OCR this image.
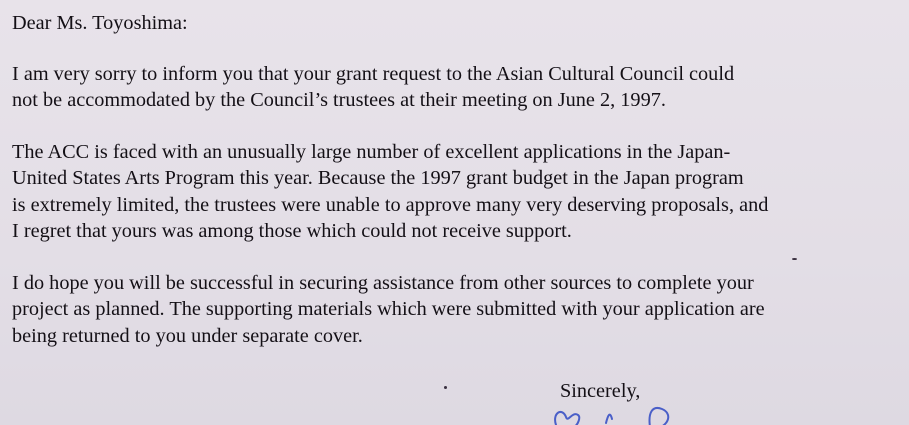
Dear Ms. Toyoshima:
I am very sorry to inform you that your grant request to the Asian Cultural Council could
not be accommodated by the Council’s trustees at their meeting on June 2, 1997.
The ACC is faced with an unusually large number of excellent applications in the Japan-
United States Arts Program this year. Because the 1997 grant budget in the Japan program
is extremely limited, the trustees were unable to approve many very deserving proposals, and
I regret that yours was among those which could not receive support.
I do hope you will be successful in securing assistance from other sources to complete your
project as planned. The supporting materials which were submitted with your application are
being returned to you under separate cover.
Sincerely,
